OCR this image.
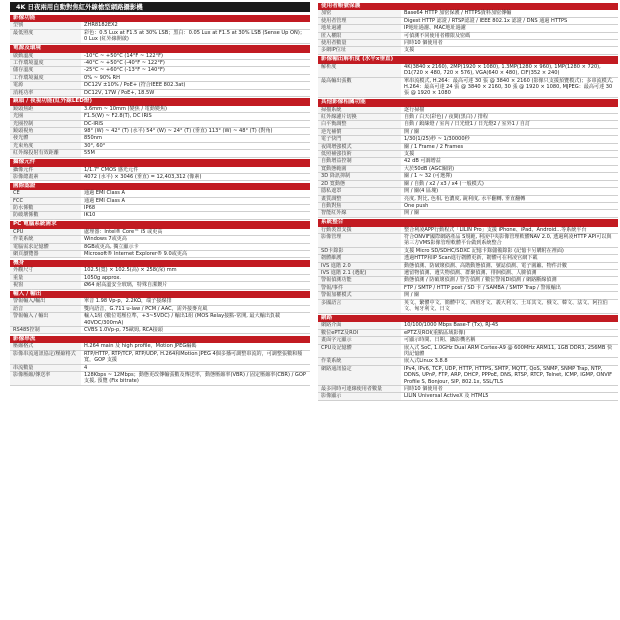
4K 日夜兩用自動對焦紅外線槍型網路攝影機
影像功能
型號	ZHR8182EX2
最低照度	彩色：0.5 Lux at F1.5 at 30% LSB；黑白：0.05 Lux at F1.5 at 30% LSB (Sense Up ON)；0 Lux (紅外線開啟)
電源及環境
啟動溫度	-10°C ~ +50°C (14°F ~ 122°F)
工作環境溫度	-40°C ~ +50°C (-40°F ~ 122°F)
儲存溫度	-25°C ~ +60°C (-13°F ~ 140°F)
工作環境濕度	0% ~ 90% RH
電源	DC12V ±10% / PoE+ (符合IEEE 802.3at)
消耗功率	DC12V, 17W / PoE+, 18.5W
鏡頭 / 夜視功能(紅外線LED燈)
鏡頭焦距	3.6mm ~ 10mm (變焦 / 電動變焦)
光圈	F1.5(W) ~ F2.8(T), DC IRIS
光圈控制	DC-IRIS
鏡頭視角	98° (W) ~ 42° (T) (水平) 54° (W) ~ 24° (T) (垂直) 113° (W) ~ 48° (T) (對角)
發光體	850nm
光束角度	30°, 60°
紅外線投射有效距離	55M
攝像元件
攝像元件	1/1.7" CMOS 感光元件
影像總畫素	4072 (水平) × 3046 (垂直) = 12,403,312 (像素)
國際認證
CE	通過 EMI Class A
FCC	通過 EMI Class A
防水係數	IP68
防破壞係數	IK10
PC 電腦系統需求
CPU	處理器：Intel® Core™ i5 或更高
作業系統	Windows 7或更高
電腦需求記憶體	8GB或更高, 獨立顯示卡
網頁瀏覽器	Microsoft® Internet Explorer® 9.0或更高
機身
外觀尺寸	102.5(寬) × 102.5(高) × 258(深) mm
重量	1050g approx.
視窗	Ø64 耐高溫安全玻璃，特殊自潔鍍片
輸入 / 輸出
警報輸入/輸出	單音 1.98 Vp-p，2.2KΩ，端子接線排
語音	雙向語音，G.711 u-law / PCM / AAC，需外接麥克風
警報輸入 / 輸出	輸入1組 (數位電壓位準，+3~5VDC) / 輸出1組 (MOS Relay接點-常開, 最大輸出負載 40VDC/300mA)
RS485控制	CVBS 1.0Vp-p, 75歐姆, RCA接頭
影像串流
壓縮格式	H.264 main 及 high profile，Motion JPEG編碼
影像串流通訊協定/壓縮格式	RTP/HTTP, RTP/TCP, RTP/UDP, H.264和Motion JPEG 4個多播可調整串流的，可調整張數和頻寬，GOP 支援
串流數量	4
影像壓縮/傳送率	128Kbps ~ 12Mbps；動態更改傳輸張數及傳送率，動態壓縮率(VBR) / 固定壓縮率(CBR) / GOP 支援, 預覽 (Fix bitrate)
使用者帳號保護
加密	Base64 HTTP 加密保護 / HTTPS資料加密傳輸
使用者管理	Digest HTTP 認證 / RTSP認證 / IEEE 802.1x 認證 / DNS 通過 HTTPS
地址過濾	IP地址過濾、MAC地址過濾
匿入權限	可偵測不同使用者權限及密碼
使用者數量	同時10 個使用者
多網IP位址	支援
影像輸出解析度 (水平x垂直)
解析度	4K(3840 x 2160), 2MP(1920 × 1080), 1.3MP(1280 × 960), 1MP(1280 × 720), D1(720 × 480, 720 × 576), VGA(640 × 480), CIF(352 × 240)
最高輸出張數	單串流模式, H.264：最高可達 30 張 @ 3840 × 2160 (影像只支援預覽模式)；多串流模式, H.264：最高可達 24 張 @ 3840 × 2160, 30 張 @ 1920 × 1080, MJPEG：最高可達 30 張 @ 1920 × 1080
其他影像相關功能
掃描系統	逐行掃描
紅外線濾片切換	自動 / 白天(彩色) / 夜間(黑白) / 排程
白平衡調整	自動 / 鎢絲燈 / 室內 / 日光燈1 / 日光燈2 / 室外1 / 自訂
逆光補償	開 / 關
電子快門	1/30(1/25)秒 ~ 1/30000秒
夜間增強模式	關 / 1 Frame / 2 Frames
低照補強技術	支援
自動增益控制	42 dB 可調增益
寬動態範圍	大於50dB (AGC關閉)
3D 降訊抑制	關 / 1 ~ 32 (可選擇)
2D 寬動態	關 / 自動 / x2 / x3 / x4 (一般模式)
隱私遮罩	開 / 關(4 區塊)
畫質調整	亮度, 對比, 色相, 色濃度, 銳利度, 水平翻轉, 垂直翻轉
自動對焦	One push
智能紅外線	開 / 關
系統整合
行動裝置支援	整合利凌APP行動程式「LILIN Pro」支援 iPhone、iPad、Android...等系統平台
影像管理	符合ONVIF國際網路產品 S規範, 利凌中央影像管理軟體NAV 2.0, 透過利凌HTTP API可以與第三方VMS影像管理軟體平台做到系統整合
SD卡錄影	支援 Micro SD/SDHC/SDXC 記憶卡錄儲備錄影 (記憶卡另購附在裡面)
韌體維護	透過HTTP和IP Scan進行韌體更新，韌體可在利凌官網下載
IVS 進階 2.0	動態偵測、防破壞偵測、高階動態偵測、號誌偵測、電子圍籬、物件計數
IVS 進階 2.1 (選配)	遺留物偵測、遺失物偵測、群聚偵測、徘徊偵測、人臉偵測
警報偵測功能	動態偵測 / 防破壞偵測 / 警告偵測 / 數位警報DI偵測 / 網路斷線偵測
警報/事件	FTP / SMTP / HTTP post / SD 卡 / SAMBA / SMTP Trap / 警報輸出
警報加權模式	開 / 關
多國語言	英文、繁體中文、簡體中文、西班牙文、義大利文、土耳其文、俄文、韓文、法文、阿拉伯文、匈牙利文、日文
網路
網路介面	10/100/1000 Mbps Base-T (Tx), RJ-45
數位ePTZ及ROI	ePTZ及ROI(重點區域影像)
畫面字元顯示	可顯示時間、日期、攝影機名稱
CPU及記憶體	嵌入式 SoC, 1.0GHz Dual ARM Cortex-A9 @ 600MHz ARM11, 1GB DDR3, 256MB 快閃記憶體
作業系統	嵌入式Linux 3.8.8
網路通訊協定	IPv4, IPv6, TCP, UDP, HTTP, HTTPS, SMTP, MQTT, QoS, SNMP, SNMP Trap, NTP, DDNS, UPnP, FTP, ARP, DHCP, PPPoE, DNS, RTSP, RTCP, Telnet, ICMP, IGMP, ONVIF Profile S, Bonjour, SIP, 802.1x, SSL/TLS
最多同時可連線使用者數量	同時10 個使用者
影像顯示	LILIN Universal ActiveX 及 HTML5
